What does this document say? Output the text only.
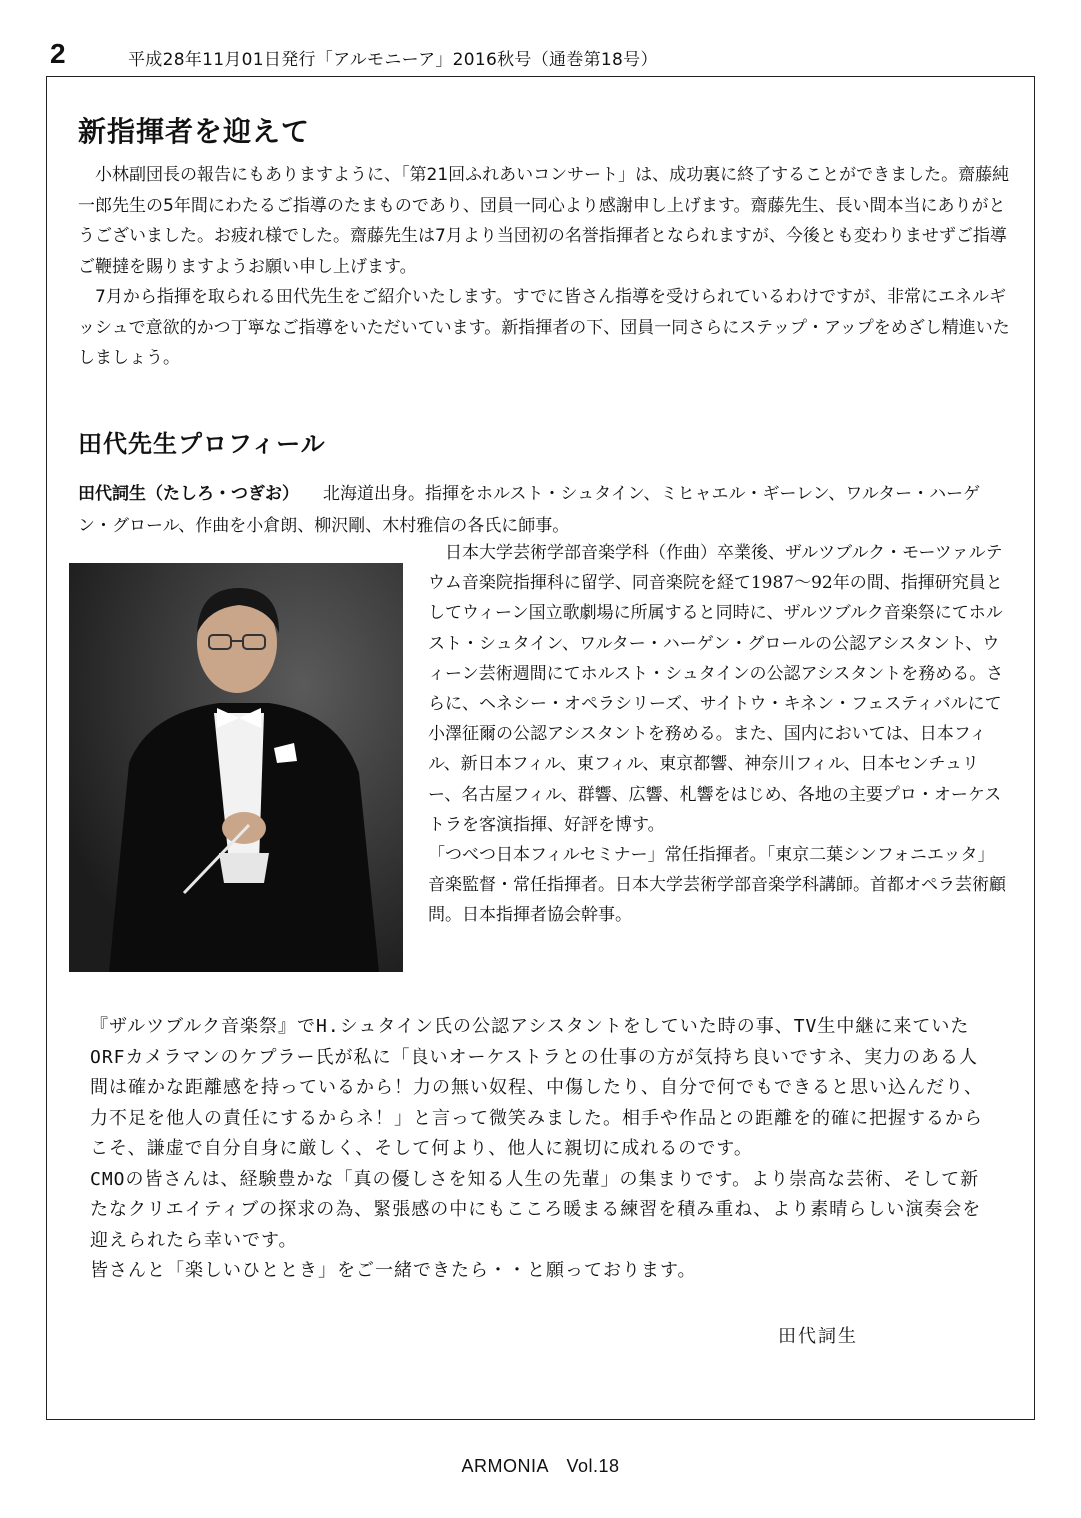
2	平成28年11月01日発行「アルモニーア」2016秋号（通巻第18号）
新指揮者を迎えて

小林副団長の報告にもありますように、「第21回ふれあいコンサート」は、成功裏に終了することができました。齋藤純一郎先生の5年間にわたるご指導のたまものであり、団員一同心より感謝申し上げます。齋藤先生、長い間本当にありがとうございました。お疲れ様でした。齋藤先生は7月より当団初の名誉指揮者となられますが、今後とも変わりませずご指導ご鞭撻を賜りますようお願い申し上げます。

7月から指揮を取られる田代先生をご紹介いたします。すでに皆さん指導を受けられているわけですが、非常にエネルギッシュで意欲的かつ丁寧なご指導をいただいています。新指揮者の下、団員一同さらにステップ・アップをめざし精進いたしましょう。

田代先生プロフィール
田代詞生（たしろ・つぎお） 北海道出身。指揮をホルスト・シュタイン、ミヒャエル・ギーレン、ワルター・ハーゲン・グロール、作曲を小倉朗、柳沢剛、木村雅信の各氏に師事。

日本大学芸術学部音楽学科（作曲）卒業後、ザルツブルク・モーツァルテウム音楽院指揮科に留学、同音楽院を経て1987〜92年の間、指揮研究員としてウィーン国立歌劇場に所属すると同時に、ザルツブルク音楽祭にてホルスト・シュタイン、ワルター・ハーゲン・グロールの公認アシスタント、ウィーン芸術週間にてホルスト・シュタインの公認アシスタントを務める。さらに、ヘネシー・オペラシリーズ、サイトウ・キネン・フェスティバルにて小澤征爾の公認アシスタントを務める。また、国内においては、日本フィル、新日本フィル、東フィル、東京都響、神奈川フィル、日本センチュリー、名古屋フィル、群響、広響、札響をはじめ、各地の主要プロ・オーケストラを客演指揮、好評を博す。

「つべつ日本フィルセミナー」常任指揮者。「東京二葉シンフォニエッタ」音楽監督・常任指揮者。日本大学芸術学部音楽学科講師。首都オペラ芸術顧問。日本指揮者協会幹事。

『ザルツブルク音楽祭』でH.シュタイン氏の公認アシスタントをしていた時の事、TV生中継に来ていたORFカメラマンのケプラー氏が私に「良いオーケストラとの仕事の方が気持ち良いですネ、実力のある人間は確かな距離感を持っているから！力の無い奴程、中傷したり、自分で何でもできると思い込んだり、力不足を他人の責任にするからネ！」と言って微笑みました。相手や作品との距離を的確に把握するからこそ、謙虚で自分自身に厳しく、そして何より、他人に親切に成れるのです。

CMOの皆さんは、経験豊かな「真の優しさを知る人生の先輩」の集まりです。より崇高な芸術、そして新たなクリエイティブの探求の為、緊張感の中にもこころ暖まる練習を積み重ね、より素晴らしい演奏会を迎えられたら幸いです。

皆さんと「楽しいひととき」をご一緒できたら・・と願っております。

田代詞生
ARMONIA　Vol.18
